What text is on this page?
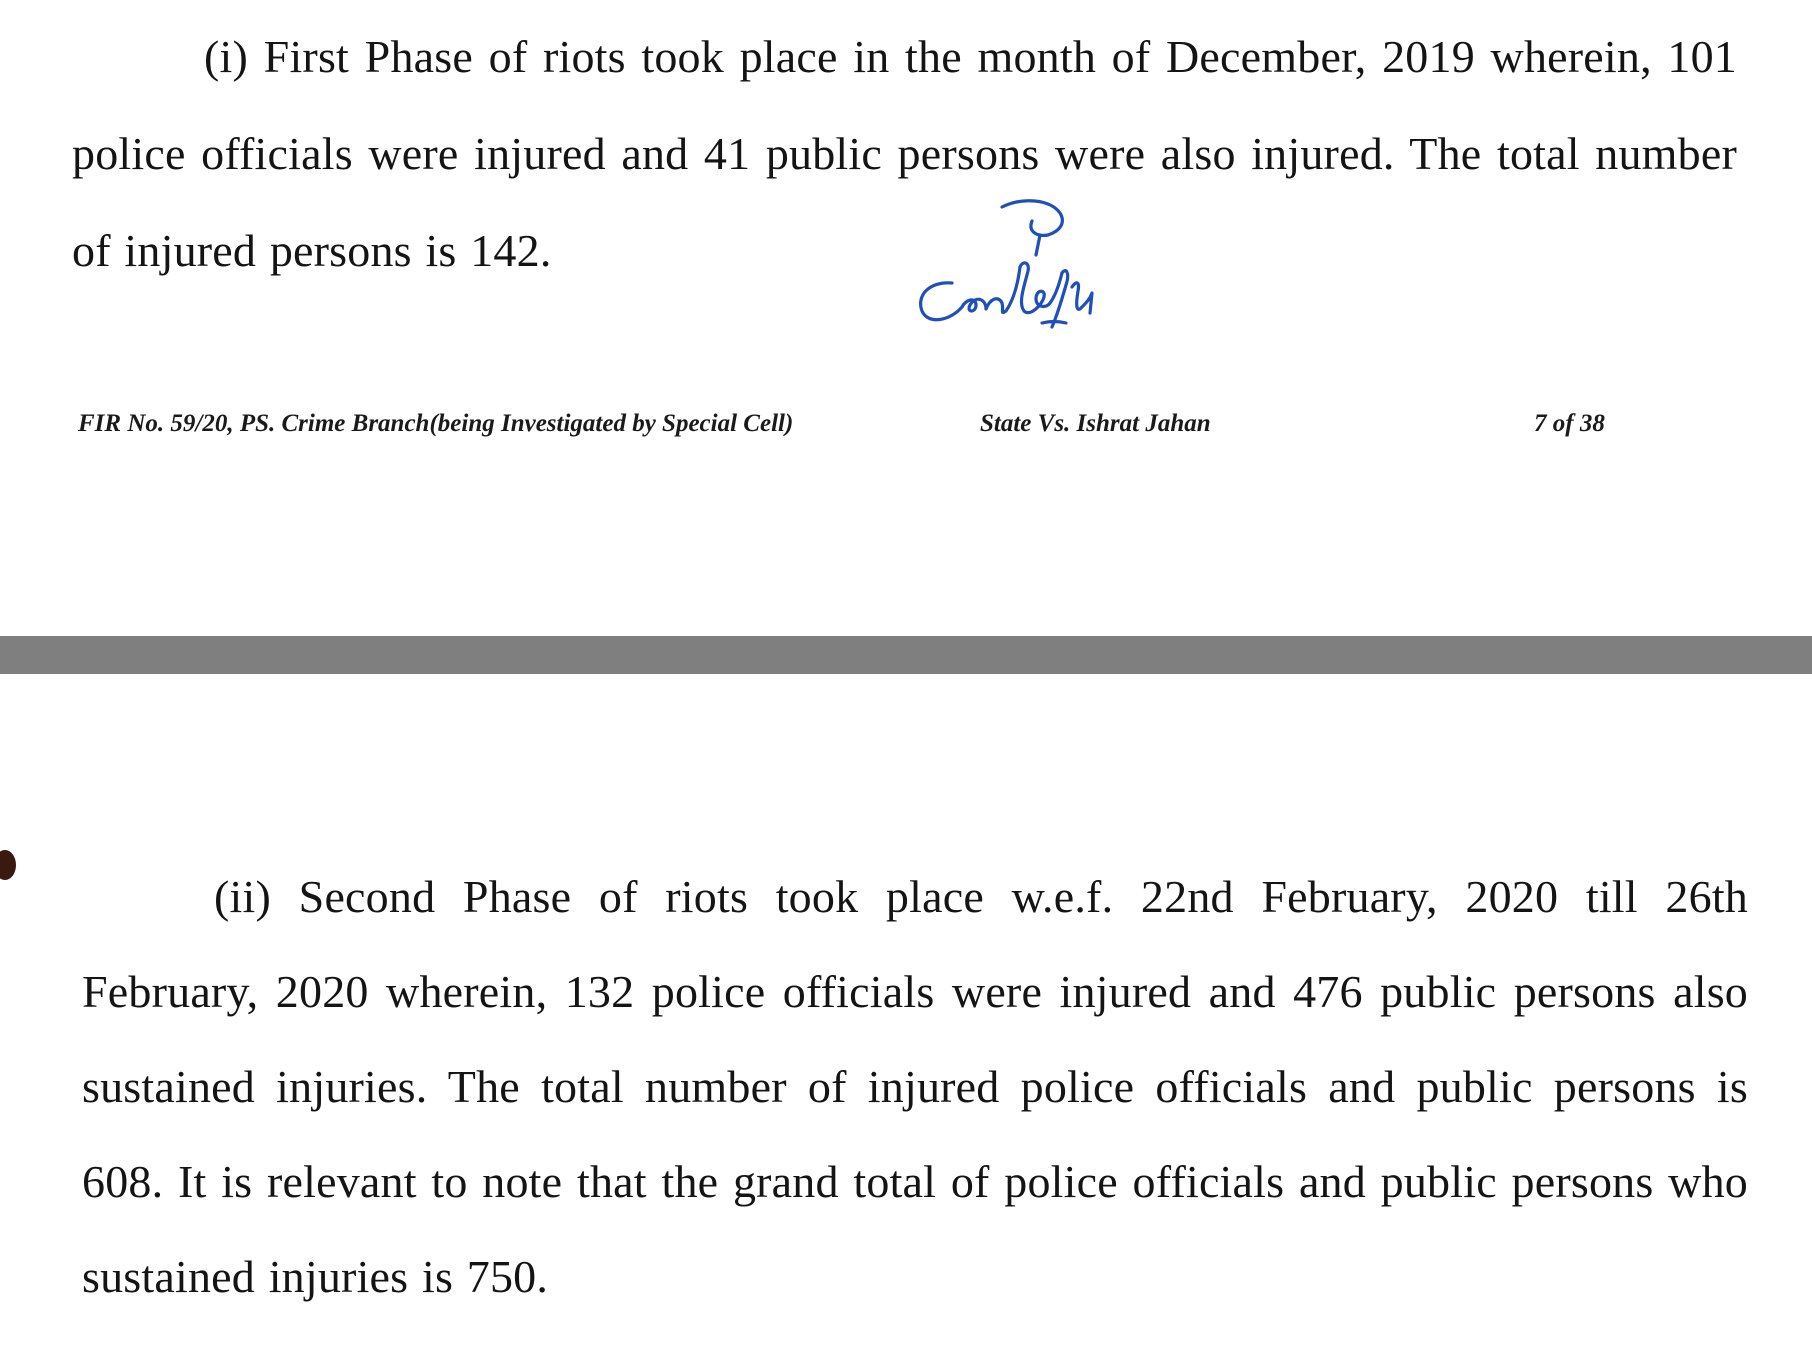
(i) First Phase of riots took place in the month of December, 2019 wherein, 101 police officials were injured and 41 public persons were also injured. The total number of injured persons is 142.

FIR No. 59/20, PS. Crime Branch(being Investigated by Special Cell)	State Vs. Ishrat Jahan	7 of 38

(ii) Second Phase of riots took place w.e.f. 22nd February, 2020 till 26th February, 2020 wherein, 132 police officials were injured and 476 public persons also sustained injuries. The total number of injured police officials and public persons is 608. It is relevant to note that the grand total of police officials and public persons who sustained injuries is 750.
